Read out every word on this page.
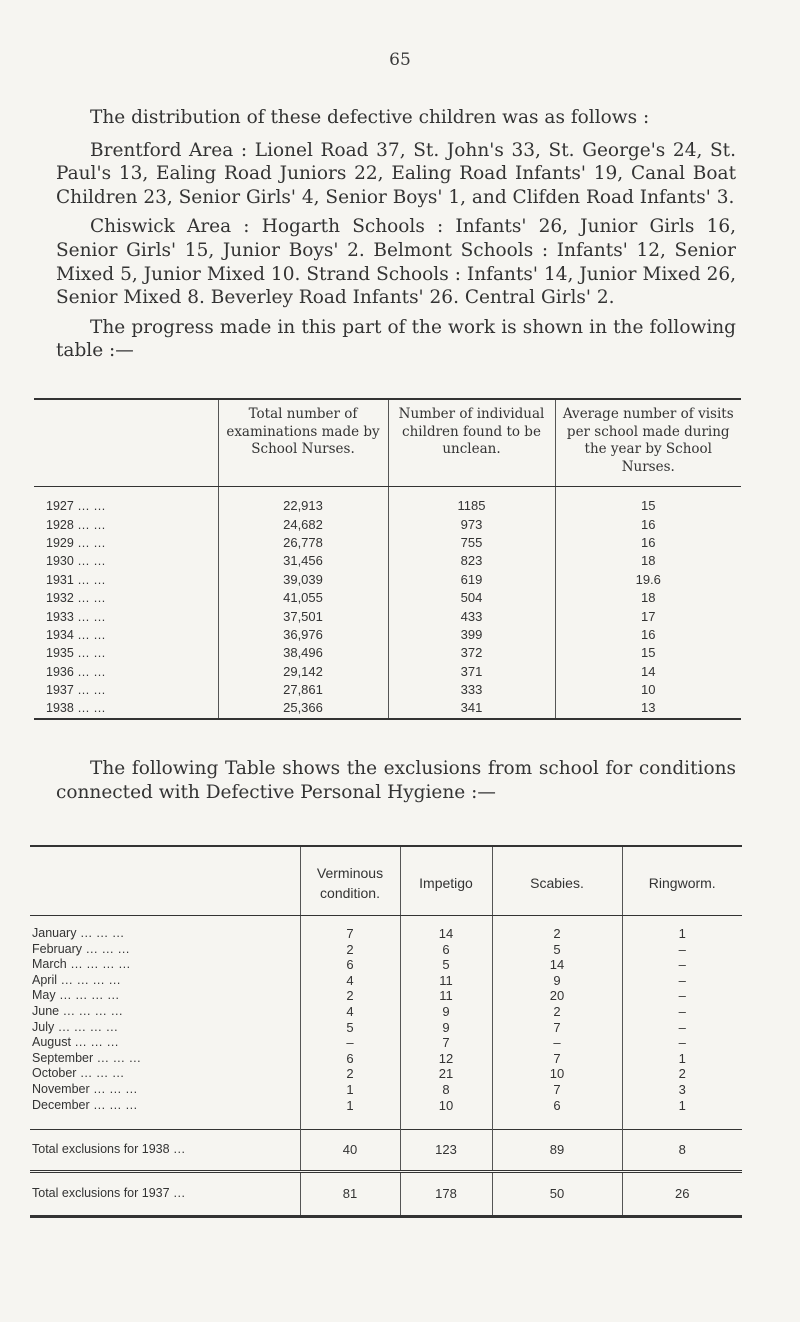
65

The distribution of these defective children was as follows :

Brentford Area : Lionel Road 37, St. John's 33, St. George's 24, St. Paul's 13, Ealing Road Juniors 22, Ealing Road Infants' 19, Canal Boat Children 23, Senior Girls' 4, Senior Boys' 1, and Clifden Road Infants' 3.

Chiswick Area : Hogarth Schools : Infants' 26, Junior Girls 16, Senior Girls' 15, Junior Boys' 2. Belmont Schools : Infants' 12, Senior Mixed 5, Junior Mixed 10. Strand Schools : Infants' 14, Junior Mixed 26, Senior Mixed 8. Beverley Road Infants' 26. Central Girls' 2.

The progress made in this part of the work is shown in the following table :—

	Total number of examinations made by School Nurses.	Number of individual children found to be unclean.	Average number of visits per school made during the year by School Nurses.
1927 … …	22,913	1185	15
1928 … …	24,682	973	16
1929 … …	26,778	755	16
1930 … …	31,456	823	18
1931 … …	39,039	619	19.6
1932 … …	41,055	504	18
1933 … …	37,501	433	17
1934 … …	36,976	399	16
1935 … …	38,496	372	15
1936 … …	29,142	371	14
1937 … …	27,861	333	10
1938 … …	25,366	341	13

The following Table shows the exclusions from school for conditions connected with Defective Personal Hygiene :—

	Verminous condition.	Impetigo	Scabies.	Ringworm.
January … … …	7	14	2	1
February … … …	2	6	5	–
March … … … …	6	5	14	–
April … … … …	4	11	9	–
May … … … …	2	11	20	–
June … … … …	4	9	2	–
July … … … …	5	9	7	–
August … … …	–	7	–	–
September … … …	6	12	7	1
October … … …	2	21	10	2
November … … …	1	8	7	3
December … … …	1	10	6	1
Total exclusions for 1938 …	40	123	89	8
Total exclusions for 1937 …	81	178	50	26
